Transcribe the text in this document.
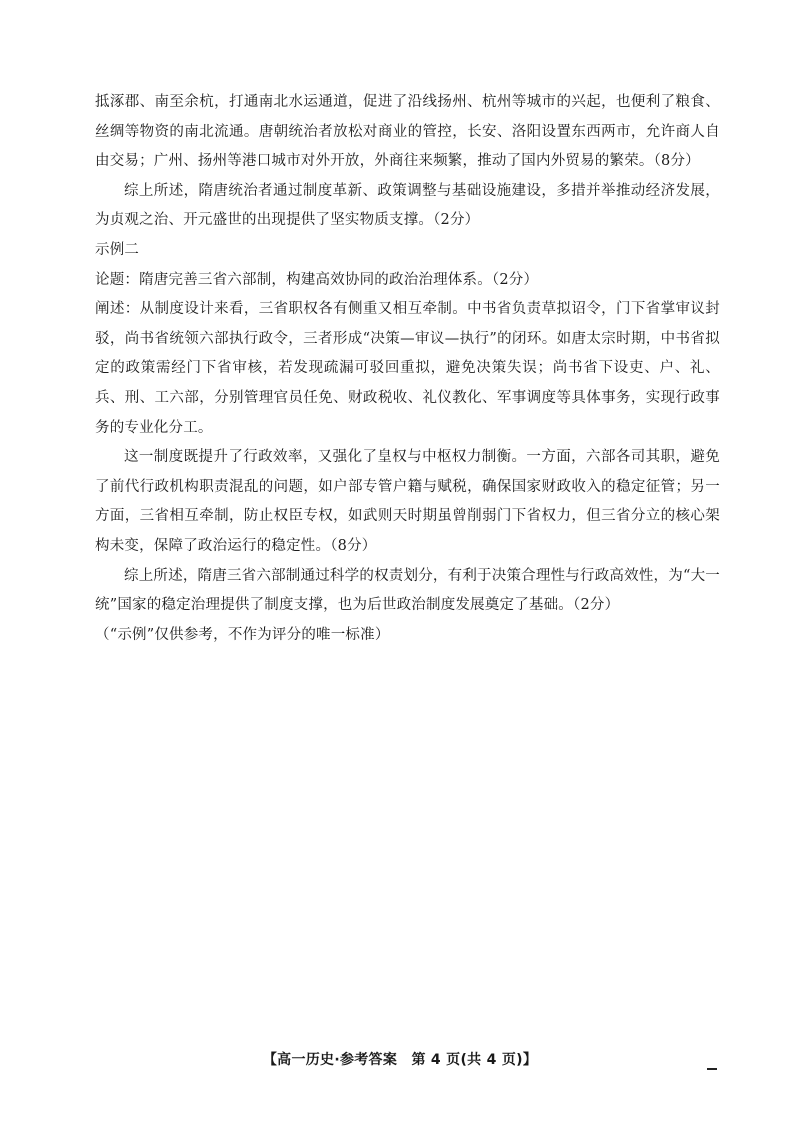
抵涿郡、南至余杭，打通南北水运通道，促进了沿线扬州、杭州等城市的兴起，也便利了粮食、丝绸等物资的南北流通。唐朝统治者放松对商业的管控，长安、洛阳设置东西两市，允许商人自由交易；广州、扬州等港口城市对外开放，外商往来频繁，推动了国内外贸易的繁荣。（8分）

综上所述，隋唐统治者通过制度革新、政策调整与基础设施建设，多措并举推动经济发展，为贞观之治、开元盛世的出现提供了坚实物质支撑。（2分）

示例二

论题：隋唐完善三省六部制，构建高效协同的政治治理体系。（2分）

阐述：从制度设计来看，三省职权各有侧重又相互牵制。中书省负责草拟诏令，门下省掌审议封驳，尚书省统领六部执行政令，三者形成“决策—审议—执行”的闭环。如唐太宗时期，中书省拟定的政策需经门下省审核，若发现疏漏可驳回重拟，避免决策失误；尚书省下设吏、户、礼、兵、刑、工六部，分别管理官员任免、财政税收、礼仪教化、军事调度等具体事务，实现行政事务的专业化分工。

这一制度既提升了行政效率，又强化了皇权与中枢权力制衡。一方面，六部各司其职，避免了前代行政机构职责混乱的问题，如户部专管户籍与赋税，确保国家财政收入的稳定征管；另一方面，三省相互牵制，防止权臣专权，如武则天时期虽曾削弱门下省权力，但三省分立的核心架构未变，保障了政治运行的稳定性。（8分）

综上所述，隋唐三省六部制通过科学的权责划分，有利于决策合理性与行政高效性，为“大一统”国家的稳定治理提供了制度支撑，也为后世政治制度发展奠定了基础。（2分）

（“示例”仅供参考，不作为评分的唯一标准）

【高一历史·参考答案　第 4 页(共 4 页)】
